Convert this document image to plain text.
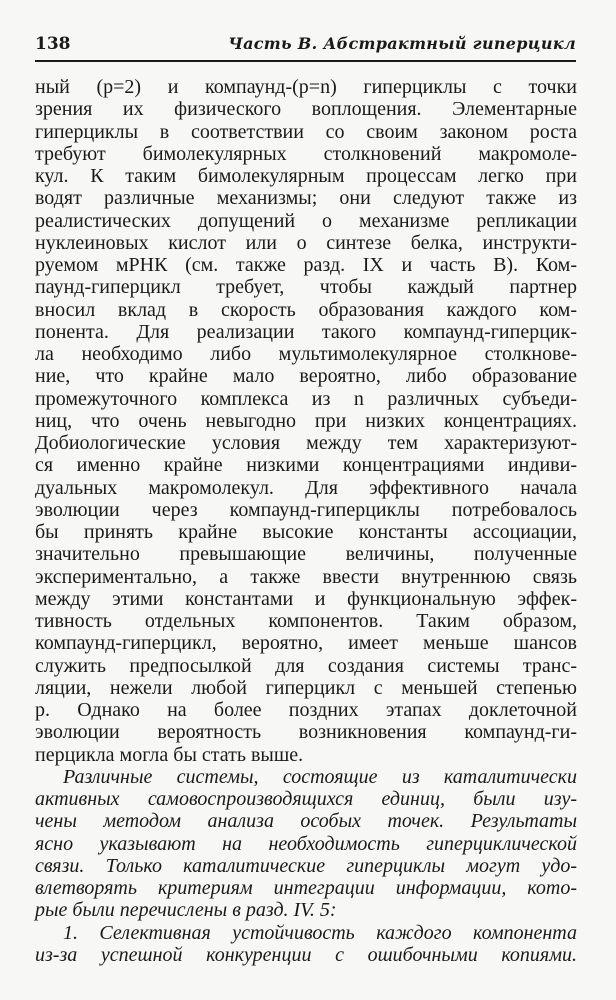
138	Часть В. Абстрактный гиперцикл
ный (p=2) и компаунд-(p=n) гиперциклы с точки
зрения их физического воплощения. Элементарные
гиперциклы в соответствии со своим законом роста
требуют бимолекулярных столкновений макромоле-
кул. К таким бимолекулярным процессам легко при
водят различные механизмы; они следуют также из
реалистических допущений о механизме репликации
нуклеиновых кислот или о синтезе белка, инструкти-
руемом мРНК (см. также разд. IX и часть В). Ком-
паунд-гиперцикл требует, чтобы каждый партнер
вносил вклад в скорость образования каждого ком-
понента. Для реализации такого компаунд-гиперцик-
ла необходимо либо мультимолекулярное столкнове-
ние, что крайне мало вероятно, либо образование
промежуточного комплекса из n различных субъеди-
ниц, что очень невыгодно при низких концентрациях.
Добиологические условия между тем характеризуют-
ся именно крайне низкими концентрациями индиви-
дуальных макромолекул. Для эффективного начала
эволюции через компаунд-гиперциклы потребовалось
бы принять крайне высокие константы ассоциации,
значительно превышающие величины, полученные
экспериментально, а также ввести внутреннюю связь
между этими константами и функциональную эффек-
тивность отдельных компонентов. Таким образом,
компаунд-гиперцикл, вероятно, имеет меньше шансов
служить предпосылкой для создания системы транс-
ляции, нежели любой гиперцикл с меньшей степенью
p. Однако на более поздних этапах доклеточной
эволюции вероятность возникновения компаунд-ги-
перцикла могла бы стать выше.
Различные системы, состоящие из каталитически
активных самовоспроизводящихся единиц, были изу-
чены методом анализа особых точек. Результаты
ясно указывают на необходимость гиперциклической
связи. Только каталитические гиперциклы могут удо-
влетворять критериям интеграции информации, кото-
рые были перечислены в разд. IV. 5:
1. Селективная устойчивость каждого компонента
из-за успешной конкуренции с ошибочными копиями.
